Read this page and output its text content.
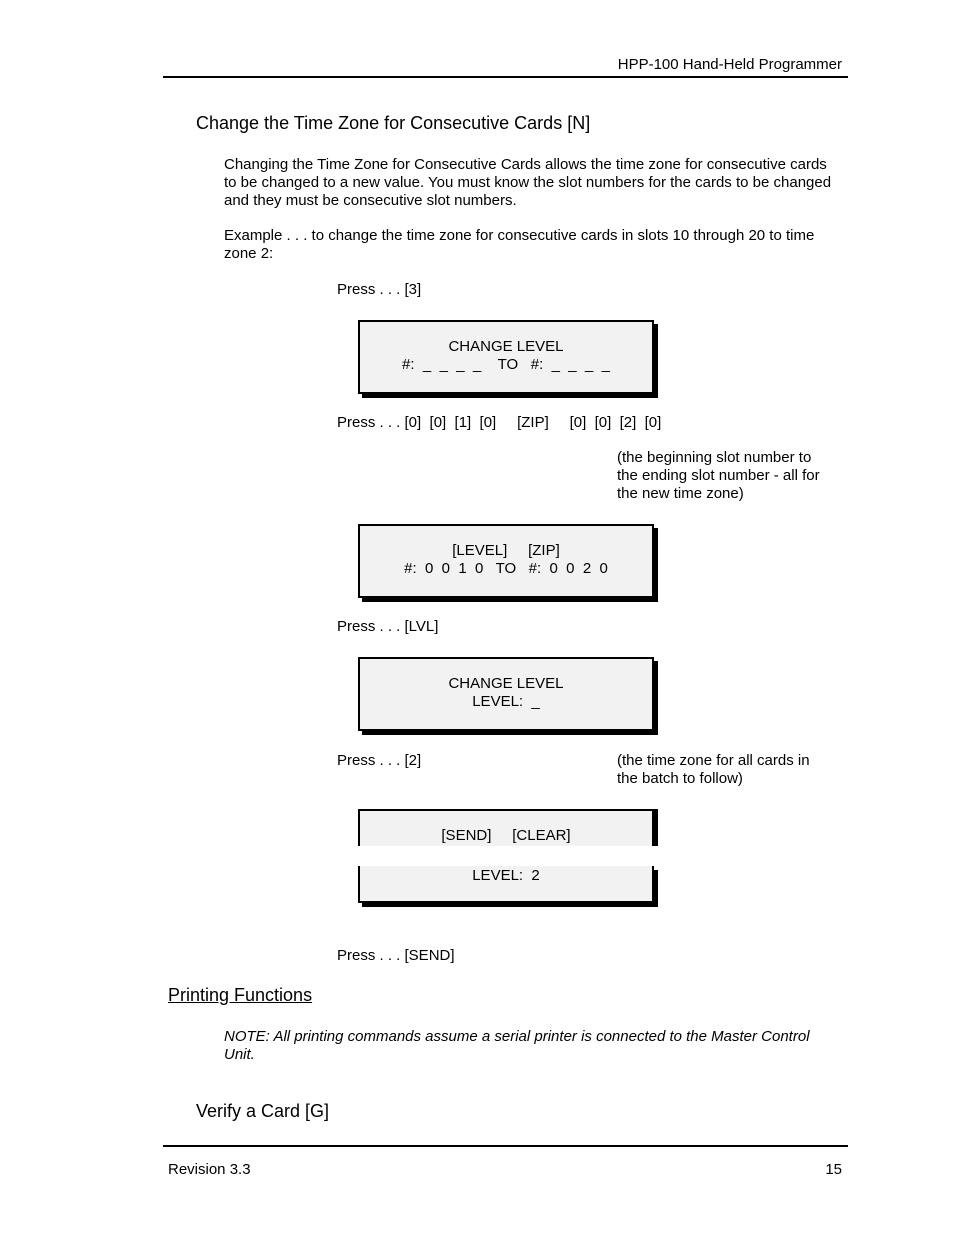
HPP-100 Hand-Held Programmer
Change the Time Zone for Consecutive Cards [N]
Changing the Time Zone for Consecutive Cards allows the time zone for consecutive cards to be changed to a new value. You must know the slot numbers for the cards to be changed and they must be consecutive slot numbers.
Example . . . to change the time zone for consecutive cards in slots 10 through 20 to time zone 2:
Press . . . [3]
CHANGE LEVEL
#:  _  _  _  _    TO   #:  _  _  _  _
Press . . . [0]  [0]  [1]  [0]     [ZIP]     [0]  [0]  [2]  [0]
(the beginning slot number to the ending slot number - all for the new time zone)
[LEVEL]     [ZIP]
#:  0  0  1  0   TO   #:  0  0  2  0
Press . . . [LVL]
CHANGE LEVEL
LEVEL:  _
Press . . . [2]	(the time zone for all cards in the batch to follow)
[SEND]     [CLEAR]
LEVEL:  2
Press . . . [SEND]
Printing Functions
NOTE: All printing commands assume a serial printer is connected to the Master Control Unit.
Verify a Card [G]
Revision 3.3	15
